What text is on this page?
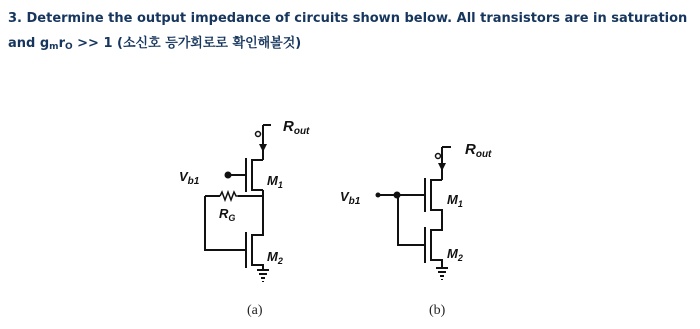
3. Determine the output impedance of circuits shown below. All transistors are in saturation
and $g_mr_O >> 1$ (소신호 등가회로로 확인해볼것)
$R_{out}$
$V_{b1}$	$M_1$
$R_G$
$M_2$
(a)
$R_{out}$
$V_{b1}$	$M_1$
$M_2$
(b)
